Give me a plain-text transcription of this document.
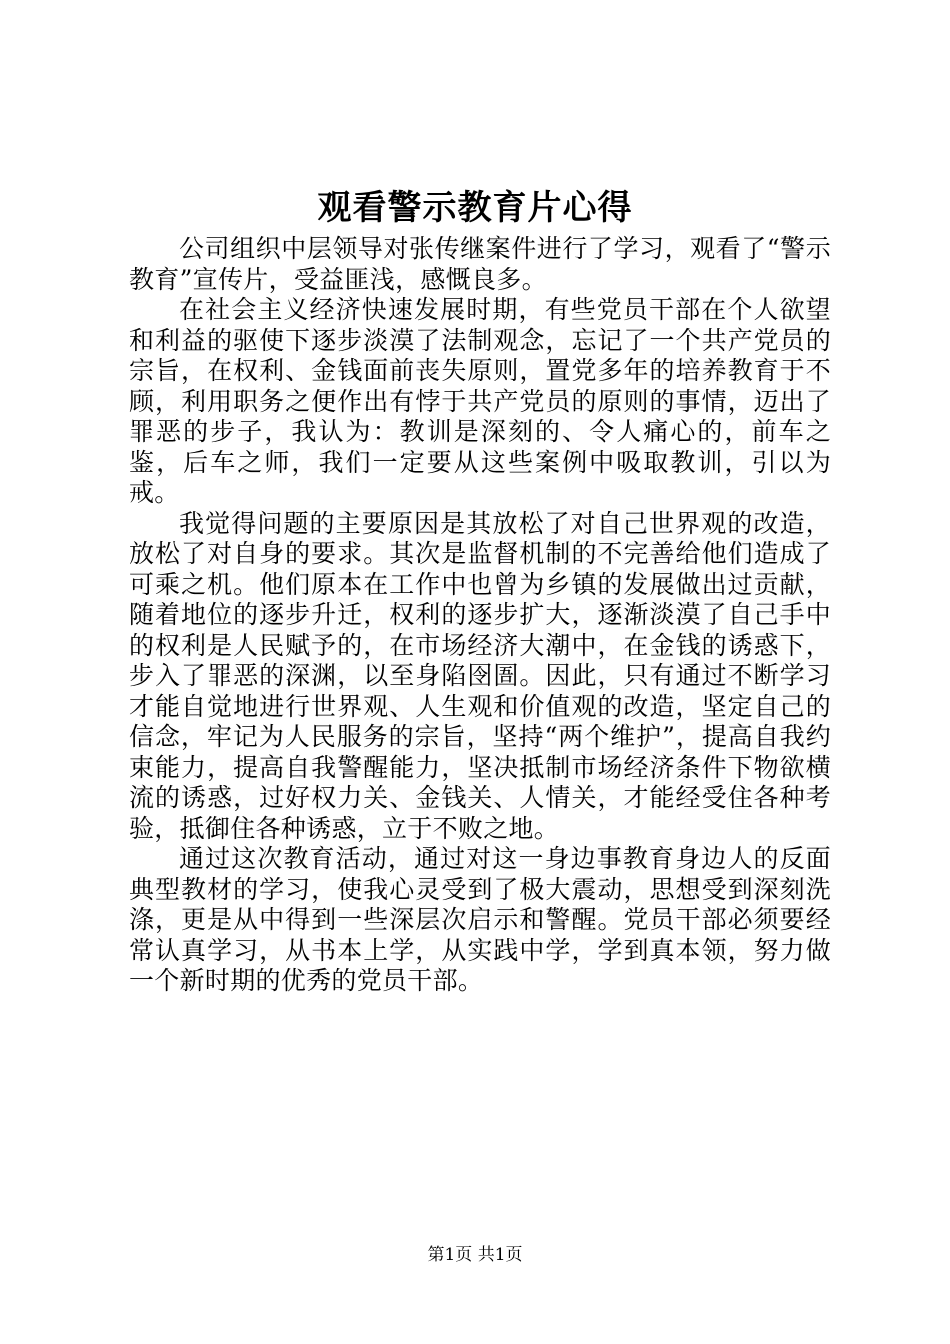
观看警示教育片心得

公司组织中层领导对张传继案件进行了学习，观看了“警示教育”宣传片，受益匪浅，感慨良多。

在社会主义经济快速发展时期，有些党员干部在个人欲望和利益的驱使下逐步淡漠了法制观念，忘记了一个共产党员的宗旨，在权利、金钱面前丧失原则，置党多年的培养教育于不顾，利用职务之便作出有悖于共产党员的原则的事情，迈出了罪恶的步子，我认为：教训是深刻的、令人痛心的，前车之鉴，后车之师，我们一定要从这些案例中吸取教训，引以为戒。

我觉得问题的主要原因是其放松了对自己世界观的改造，放松了对自身的要求。其次是监督机制的不完善给他们造成了可乘之机。他们原本在工作中也曾为乡镇的发展做出过贡献，随着地位的逐步升迁，权利的逐步扩大，逐渐淡漠了自己手中的权利是人民赋予的，在市场经济大潮中，在金钱的诱惑下，步入了罪恶的深渊，以至身陷囹圄。因此，只有通过不断学习才能自觉地进行世界观、人生观和价值观的改造，坚定自己的信念，牢记为人民服务的宗旨，坚持“两个维护”，提高自我约束能力，提高自我警醒能力，坚决抵制市场经济条件下物欲横流的诱惑，过好权力关、金钱关、人情关，才能经受住各种考验，抵御住各种诱惑，立于不败之地。

通过这次教育活动，通过对这一身边事教育身边人的反面典型教材的学习，使我心灵受到了极大震动，思想受到深刻洗涤，更是从中得到一些深层次启示和警醒。党员干部必须要经常认真学习，从书本上学，从实践中学，学到真本领，努力做一个新时期的优秀的党员干部。

第1页 共1页
